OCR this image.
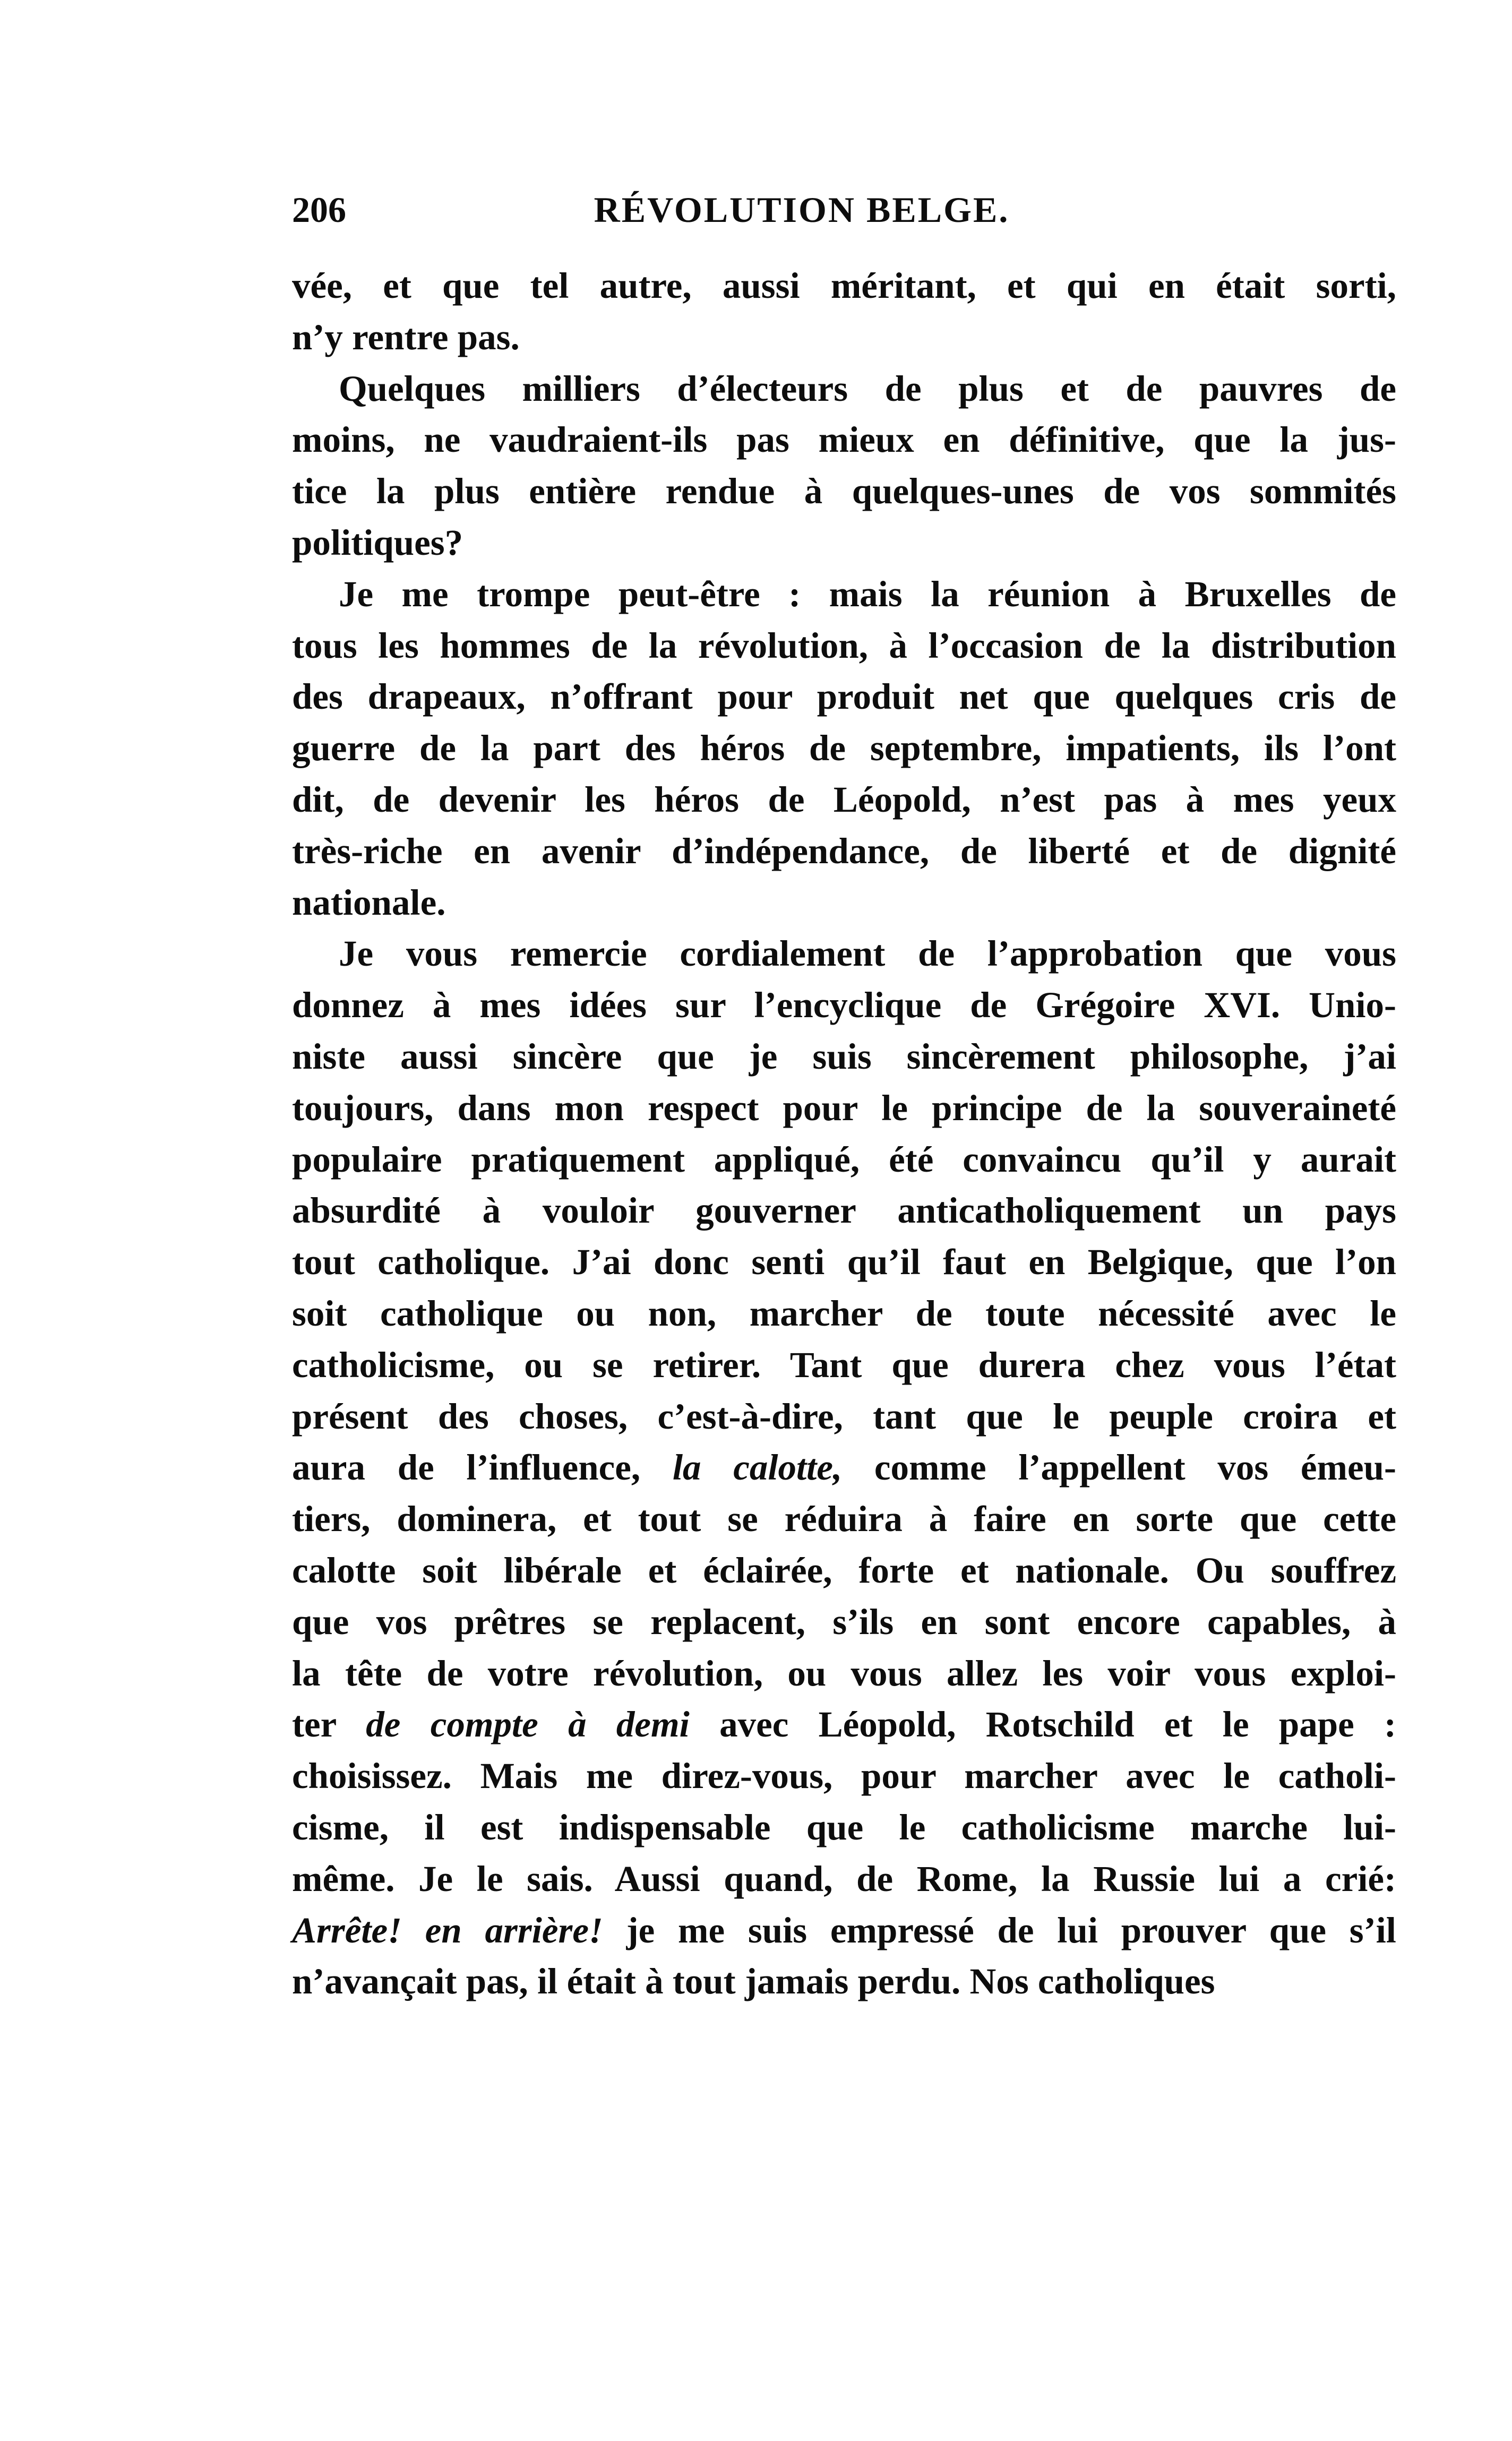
206	RÉVOLUTION BELGE.
vée, et que tel autre, aussi méritant, et qui en était sorti,
n’y rentre pas.
Quelques milliers d’électeurs de plus et de pauvres de
moins, ne vaudraient-ils pas mieux en définitive, que la jus-
tice la plus entière rendue à quelques-unes de vos sommités
politiques?
Je me trompe peut-être : mais la réunion à Bruxelles de
tous les hommes de la révolution, à l’occasion de la distribution
des drapeaux, n’offrant pour produit net que quelques cris de
guerre de la part des héros de septembre, impatients, ils l’ont
dit, de devenir les héros de Léopold, n’est pas à mes yeux
très-riche en avenir d’indépendance, de liberté et de dignité
nationale.
Je vous remercie cordialement de l’approbation que vous
donnez à mes idées sur l’encyclique de Grégoire XVI. Unio-
niste aussi sincère que je suis sincèrement philosophe, j’ai
toujours, dans mon respect pour le principe de la souveraineté
populaire pratiquement appliqué, été convaincu qu’il y aurait
absurdité à vouloir gouverner anticatholiquement un pays
tout catholique. J’ai donc senti qu’il faut en Belgique, que l’on
soit catholique ou non, marcher de toute nécessité avec le
catholicisme, ou se retirer. Tant que durera chez vous l’état
présent des choses, c’est-à-dire, tant que le peuple croira et
aura de l’influence, la calotte, comme l’appellent vos émeu-
tiers, dominera, et tout se réduira à faire en sorte que cette
calotte soit libérale et éclairée, forte et nationale. Ou souffrez
que vos prêtres se replacent, s’ils en sont encore capables, à
la tête de votre révolution, ou vous allez les voir vous exploi-
ter de compte à demi avec Léopold, Rotschild et le pape :
choisissez. Mais me direz-vous, pour marcher avec le catholi-
cisme, il est indispensable que le catholicisme marche lui-
même. Je le sais. Aussi quand, de Rome, la Russie lui a crié:
Arrête! en arrière! je me suis empressé de lui prouver que s’il
n’avançait pas, il était à tout jamais perdu. Nos catholiques
